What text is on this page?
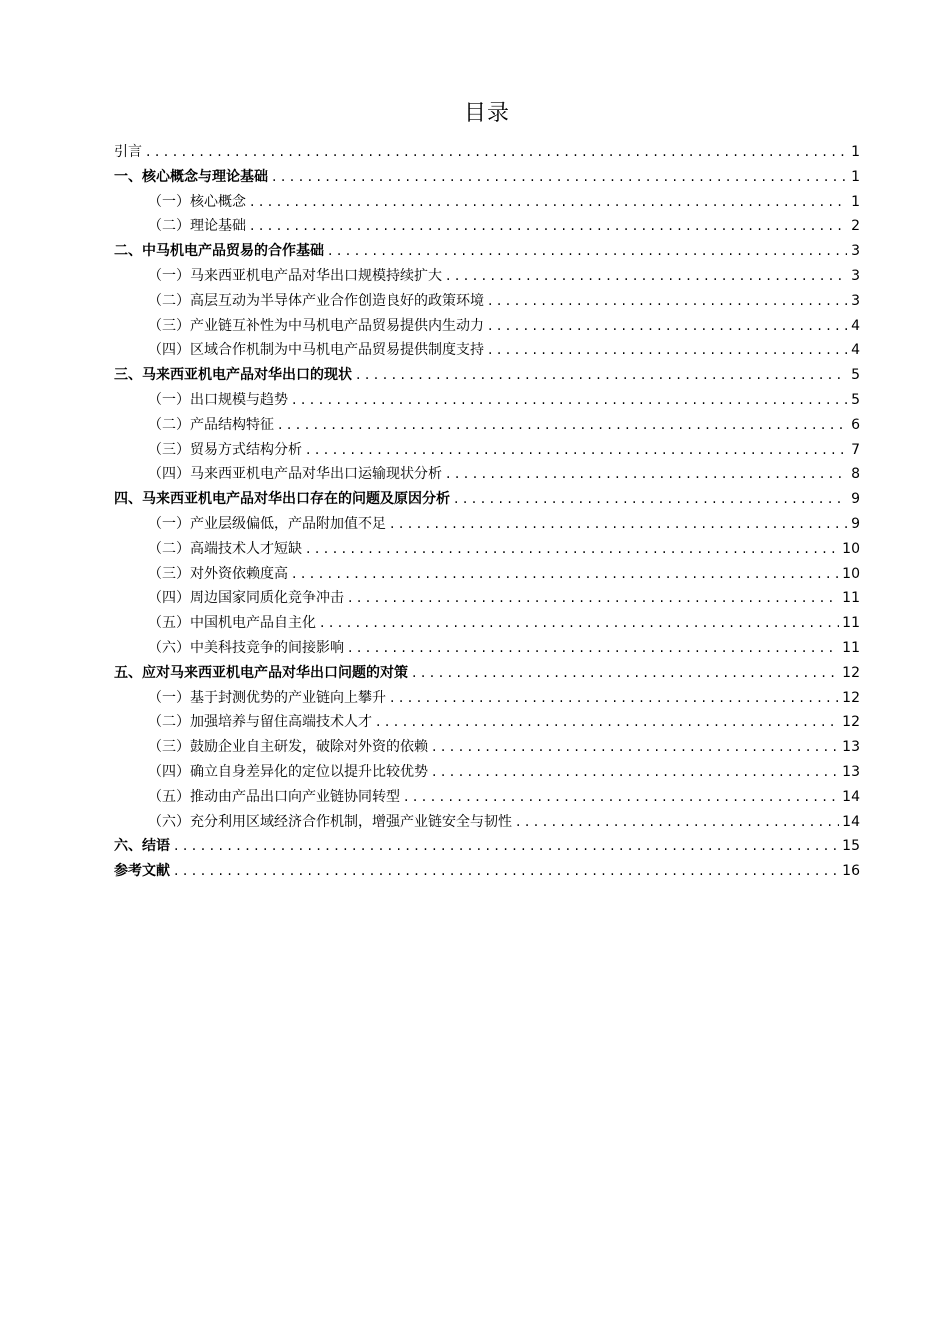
目录
引言 . . .	1
一、核心概念与理论基础 . . .	1
（一）核心概念 . . .	1
（二）理论基础 . . .	2
二、中马机电产品贸易的合作基础 . . .	3
（一）马来西亚机电产品对华出口规模持续扩大 . . .	3
（二）高层互动为半导体产业合作创造良好的政策环境 . . .	3
（三）产业链互补性为中马机电产品贸易提供内生动力 . . .	4
（四）区域合作机制为中马机电产品贸易提供制度支持 . . .	4
三、马来西亚机电产品对华出口的现状 . . .	5
（一）出口规模与趋势 . . .	5
（二）产品结构特征 . . .	6
（三）贸易方式结构分析 . . .	7
（四）马来西亚机电产品对华出口运输现状分析 . . .	8
四、马来西亚机电产品对华出口存在的问题及原因分析 . . .	9
（一）产业层级偏低，产品附加值不足 . . .	9
（二）高端技术人才短缺 . . .	10
（三）对外资依赖度高 . . .	10
（四）周边国家同质化竞争冲击 . . .	11
（五）中国机电产品自主化 . . .	11
（六）中美科技竞争的间接影响 . . .	11
五、应对马来西亚机电产品对华出口问题的对策 . . .	12
（一）基于封测优势的产业链向上攀升 . . .	12
（二）加强培养与留住高端技术人才 . . .	12
（三）鼓励企业自主研发，破除对外资的依赖 . . .	13
（四）确立自身差异化的定位以提升比较优势 . . .	13
（五）推动由产品出口向产业链协同转型 . . .	14
（六）充分利用区域经济合作机制，增强产业链安全与韧性 . . .	14
六、结语 . . .	15
参考文献 . . .	16
